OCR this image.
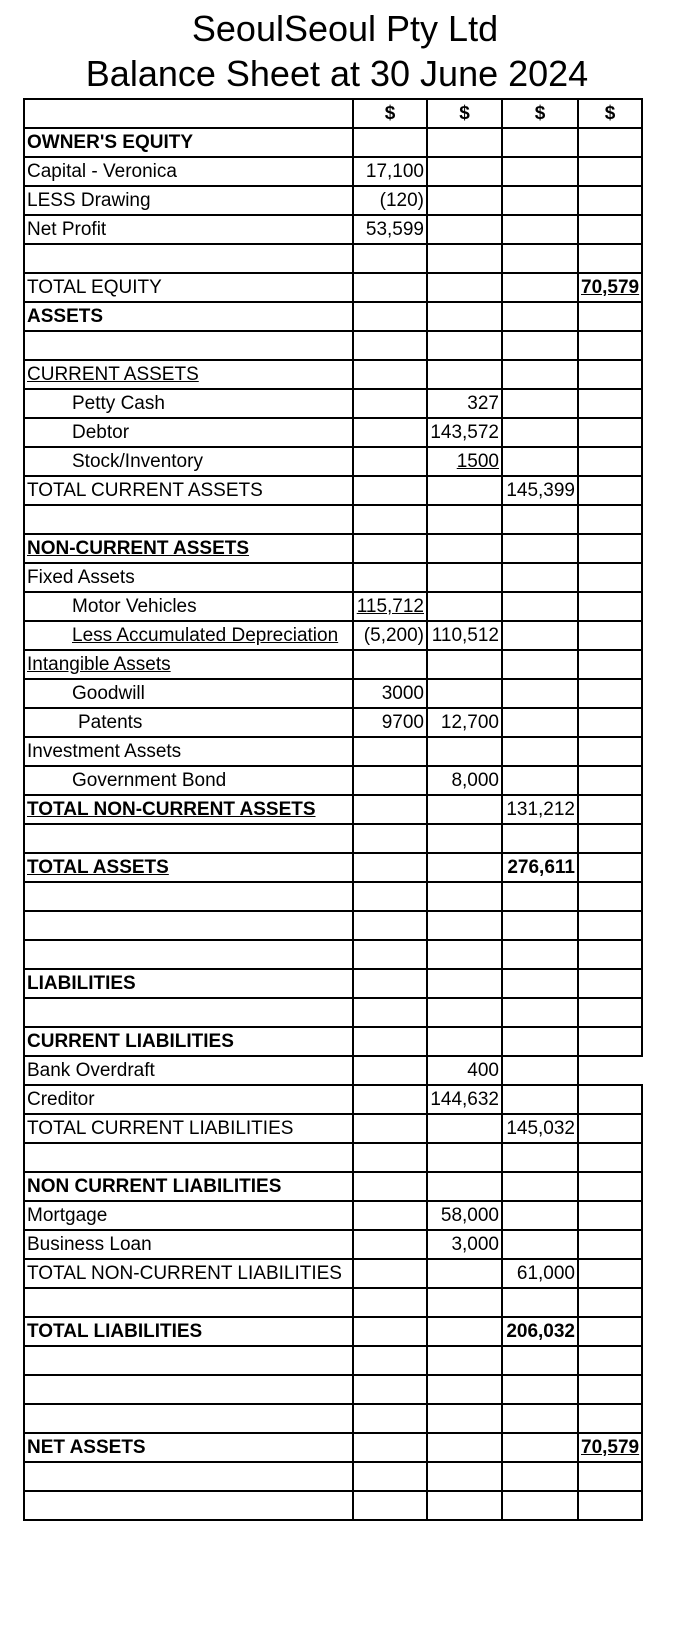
SeoulSeoul Pty Ltd
Balance Sheet at 30 June 2024
	$	$	$	$
OWNER'S EQUITY				
Capital - Veronica	17,100			
LESS Drawing	(120)			
Net Profit	53,599			

TOTAL EQUITY				70,579
ASSETS				

CURRENT ASSETS				
Petty Cash		327		
Debtor		143,572		
Stock/Inventory		1500		
TOTAL CURRENT ASSETS			145,399	

NON-CURRENT ASSETS				
Fixed Assets				
Motor Vehicles	115,712			
Less Accumulated Depreciation	(5,200)	110,512		
Intangible Assets				
Goodwill	3000			
Patents	9700	12,700		
Investment Assets				
Government Bond		8,000		
TOTAL NON-CURRENT ASSETS			131,212	

TOTAL ASSETS			276,611	

LIABILITIES				

CURRENT LIABILITIES				
Bank Overdraft		400		
Creditor		144,632		
TOTAL CURRENT LIABILITIES			145,032	

NON CURRENT LIABILITIES				
Mortgage		58,000		
Business Loan		3,000		
TOTAL NON-CURRENT LIABILITIES			61,000	

TOTAL LIABILITIES			206,032	

NET ASSETS				70,579
